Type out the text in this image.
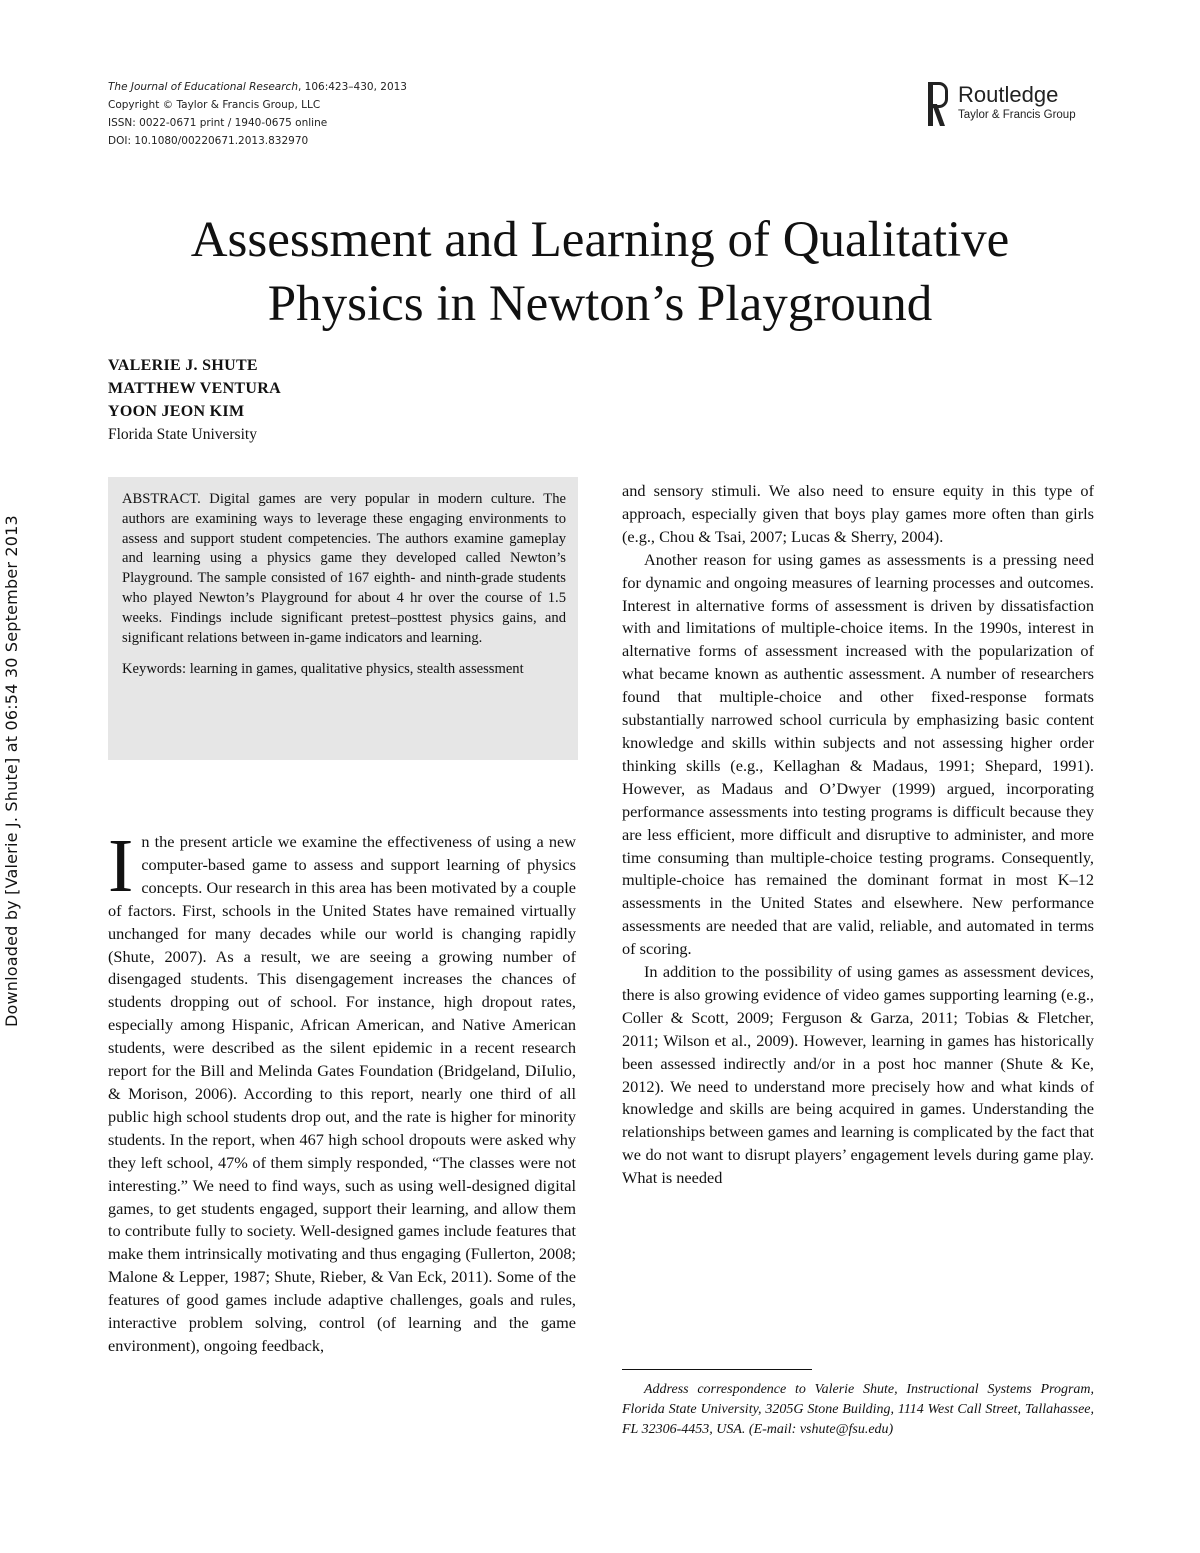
Downloaded by [Valerie J. Shute] at 06:54 30 September 2013
The Journal of Educational Research, 106:423–430, 2013
Copyright © Taylor & Francis Group, LLC
ISSN: 0022-0671 print / 1940-0675 online
DOI: 10.1080/00220671.2013.832970
Routledge
Taylor & Francis Group
Assessment and Learning of Qualitative
Physics in Newton’s Playground
VALERIE J. SHUTE
MATTHEW VENTURA
YOON JEON KIM
Florida State University

ABSTRACT. Digital games are very popular in modern culture. The authors are examining ways to leverage these engaging environments to assess and support student competencies. The authors examine gameplay and learning using a physics game they developed called Newton’s Playground. The sample consisted of 167 eighth- and ninth-grade students who played Newton’s Playground for about 4 hr over the course of 1.5 weeks. Findings include significant pretest–posttest physics gains, and significant relations between in-game indicators and learning.

Keywords: learning in games, qualitative physics, stealth assessment

In the present article we examine the effectiveness of using a new computer-based game to assess and support learning of physics concepts. Our research in this area has been motivated by a couple of factors. First, schools in the United States have remained virtually unchanged for many decades while our world is changing rapidly (Shute, 2007). As a result, we are seeing a growing number of disengaged students. This disengagement increases the chances of students dropping out of school. For instance, high dropout rates, especially among Hispanic, African American, and Native American students, were described as the silent epidemic in a recent research report for the Bill and Melinda Gates Foundation (Bridgeland, DiIulio, & Morison, 2006). According to this report, nearly one third of all public high school students drop out, and the rate is higher for minority students. In the report, when 467 high school dropouts were asked why they left school, 47% of them simply responded, “The classes were not interesting.” We need to find ways, such as using well-designed digital games, to get students engaged, support their learning, and allow them to contribute fully to society. Well-designed games include features that make them intrinsically motivating and thus engaging (Fullerton, 2008; Malone & Lepper, 1987; Shute, Rieber, & Van Eck, 2011). Some of the features of good games include adaptive challenges, goals and rules, interactive problem solving, control (of learning and the game environment), ongoing feedback,

and sensory stimuli. We also need to ensure equity in this type of approach, especially given that boys play games more often than girls (e.g., Chou & Tsai, 2007; Lucas & Sherry, 2004).

Another reason for using games as assessments is a pressing need for dynamic and ongoing measures of learning processes and outcomes. Interest in alternative forms of assessment is driven by dissatisfaction with and limitations of multiple-choice items. In the 1990s, interest in alternative forms of assessment increased with the popularization of what became known as authentic assessment. A number of researchers found that multiple-choice and other fixed-response formats substantially narrowed school curricula by emphasizing basic content knowledge and skills within subjects and not assessing higher order thinking skills (e.g., Kellaghan & Madaus, 1991; Shepard, 1991). However, as Madaus and O’Dwyer (1999) argued, incorporating performance assessments into testing programs is difficult because they are less efficient, more difficult and disruptive to administer, and more time consuming than multiple-choice testing programs. Consequently, multiple-choice has remained the dominant format in most K–12 assessments in the United States and elsewhere. New performance assessments are needed that are valid, reliable, and automated in terms of scoring.

In addition to the possibility of using games as assessment devices, there is also growing evidence of video games supporting learning (e.g., Coller & Scott, 2009; Ferguson & Garza, 2011; Tobias & Fletcher, 2011; Wilson et al., 2009). However, learning in games has historically been assessed indirectly and/or in a post hoc manner (Shute & Ke, 2012). We need to understand more precisely how and what kinds of knowledge and skills are being acquired in games. Understanding the relationships between games and learning is complicated by the fact that we do not want to disrupt players’ engagement levels during game play. What is needed

Address correspondence to Valerie Shute, Instructional Systems Program, Florida State University, 3205G Stone Building, 1114 West Call Street, Tallahassee, FL 32306-4453, USA. (E-mail: vshute@fsu.edu)
